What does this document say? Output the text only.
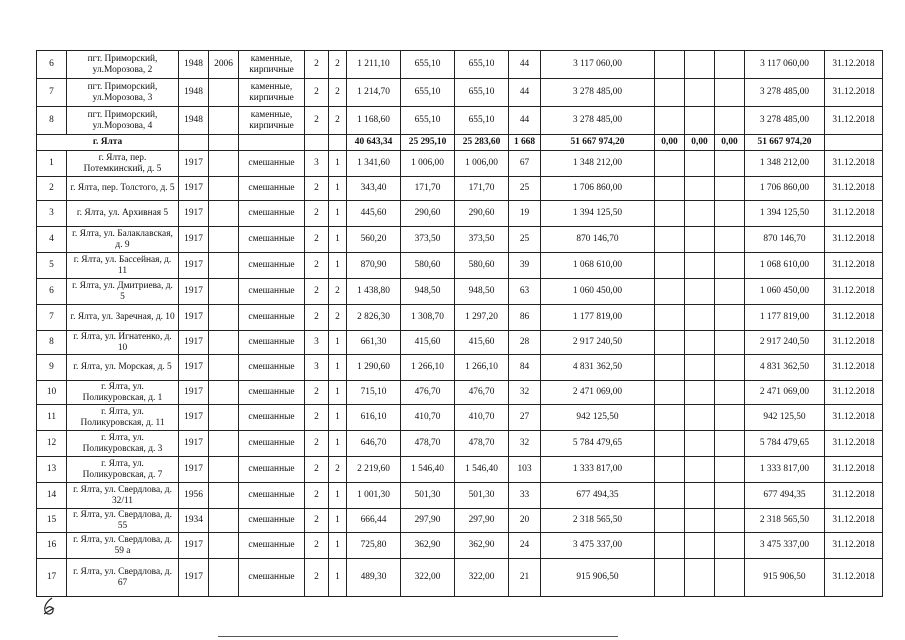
6	пгт. Приморский, ул.Морозова, 2	1948	2006	каменные, кирпичные	2	2	1 211,10	655,10	655,10	44	3 117 060,00				3 117 060,00	31.12.2018
7	пгт. Приморский, ул.Морозова, 3	1948		каменные, кирпичные	2	2	1 214,70	655,10	655,10	44	3 278 485,00				3 278 485,00	31.12.2018
8	пгт. Приморский, ул.Морозова, 4	1948		каменные, кирпичные	2	2	1 168,60	655,10	655,10	44	3 278 485,00				3 278 485,00	31.12.2018
г. Ялта							40 643,34	25 295,10	25 283,60	1 668	51 667 974,20	0,00	0,00	0,00	51 667 974,20	
1	г. Ялта, пер. Потемкинский, д. 5	1917		смешанные	3	1	1 341,60	1 006,00	1 006,00	67	1 348 212,00				1 348 212,00	31.12.2018
2	г. Ялта, пер. Толстого, д. 5	1917		смешанные	2	1	343,40	171,70	171,70	25	1 706 860,00				1 706 860,00	31.12.2018
3	г. Ялта, ул. Архивная 5	1917		смешанные	2	1	445,60	290,60	290,60	19	1 394 125,50				1 394 125,50	31.12.2018
4	г. Ялта, ул. Балаклавская, д. 9	1917		смешанные	2	1	560,20	373,50	373,50	25	870 146,70				870 146,70	31.12.2018
5	г. Ялта, ул. Бассейная, д. 11	1917		смешанные	2	1	870,90	580,60	580,60	39	1 068 610,00				1 068 610,00	31.12.2018
6	г. Ялта, ул. Дмитриева, д. 5	1917		смешанные	2	2	1 438,80	948,50	948,50	63	1 060 450,00				1 060 450,00	31.12.2018
7	г. Ялта, ул. Заречная, д. 10	1917		смешанные	2	2	2 826,30	1 308,70	1 297,20	86	1 177 819,00				1 177 819,00	31.12.2018
8	г. Ялта, ул. Игнатенко, д. 10	1917		смешанные	3	1	661,30	415,60	415,60	28	2 917 240,50				2 917 240,50	31.12.2018
9	г. Ялта, ул. Морская, д. 5	1917		смешанные	3	1	1 290,60	1 266,10	1 266,10	84	4 831 362,50				4 831 362,50	31.12.2018
10	г. Ялта, ул. Поликуровская, д. 1	1917		смешанные	2	1	715,10	476,70	476,70	32	2 471 069,00				2 471 069,00	31.12.2018
11	г. Ялта, ул. Поликуровская, д. 11	1917		смешанные	2	1	616,10	410,70	410,70	27	942 125,50				942 125,50	31.12.2018
12	г. Ялта, ул. Поликуровская, д. 3	1917		смешанные	2	1	646,70	478,70	478,70	32	5 784 479,65				5 784 479,65	31.12.2018
13	г. Ялта, ул. Поликуровская, д. 7	1917		смешанные	2	2	2 219,60	1 546,40	1 546,40	103	1 333 817,00				1 333 817,00	31.12.2018
14	г. Ялта, ул. Свердлова, д. 32/11	1956		смешанные	2	1	1 001,30	501,30	501,30	33	677 494,35				677 494,35	31.12.2018
15	г. Ялта, ул. Свердлова, д. 55	1934		смешанные	2	1	666,44	297,90	297,90	20	2 318 565,50				2 318 565,50	31.12.2018
16	г. Ялта, ул. Свердлова, д. 59 а	1917		смешанные	2	1	725,80	362,90	362,90	24	3 475 337,00				3 475 337,00	31.12.2018
17	г. Ялта, ул. Свердлова, д. 67	1917		смешанные	2	1	489,30	322,00	322,00	21	915 906,50				915 906,50	31.12.2018
